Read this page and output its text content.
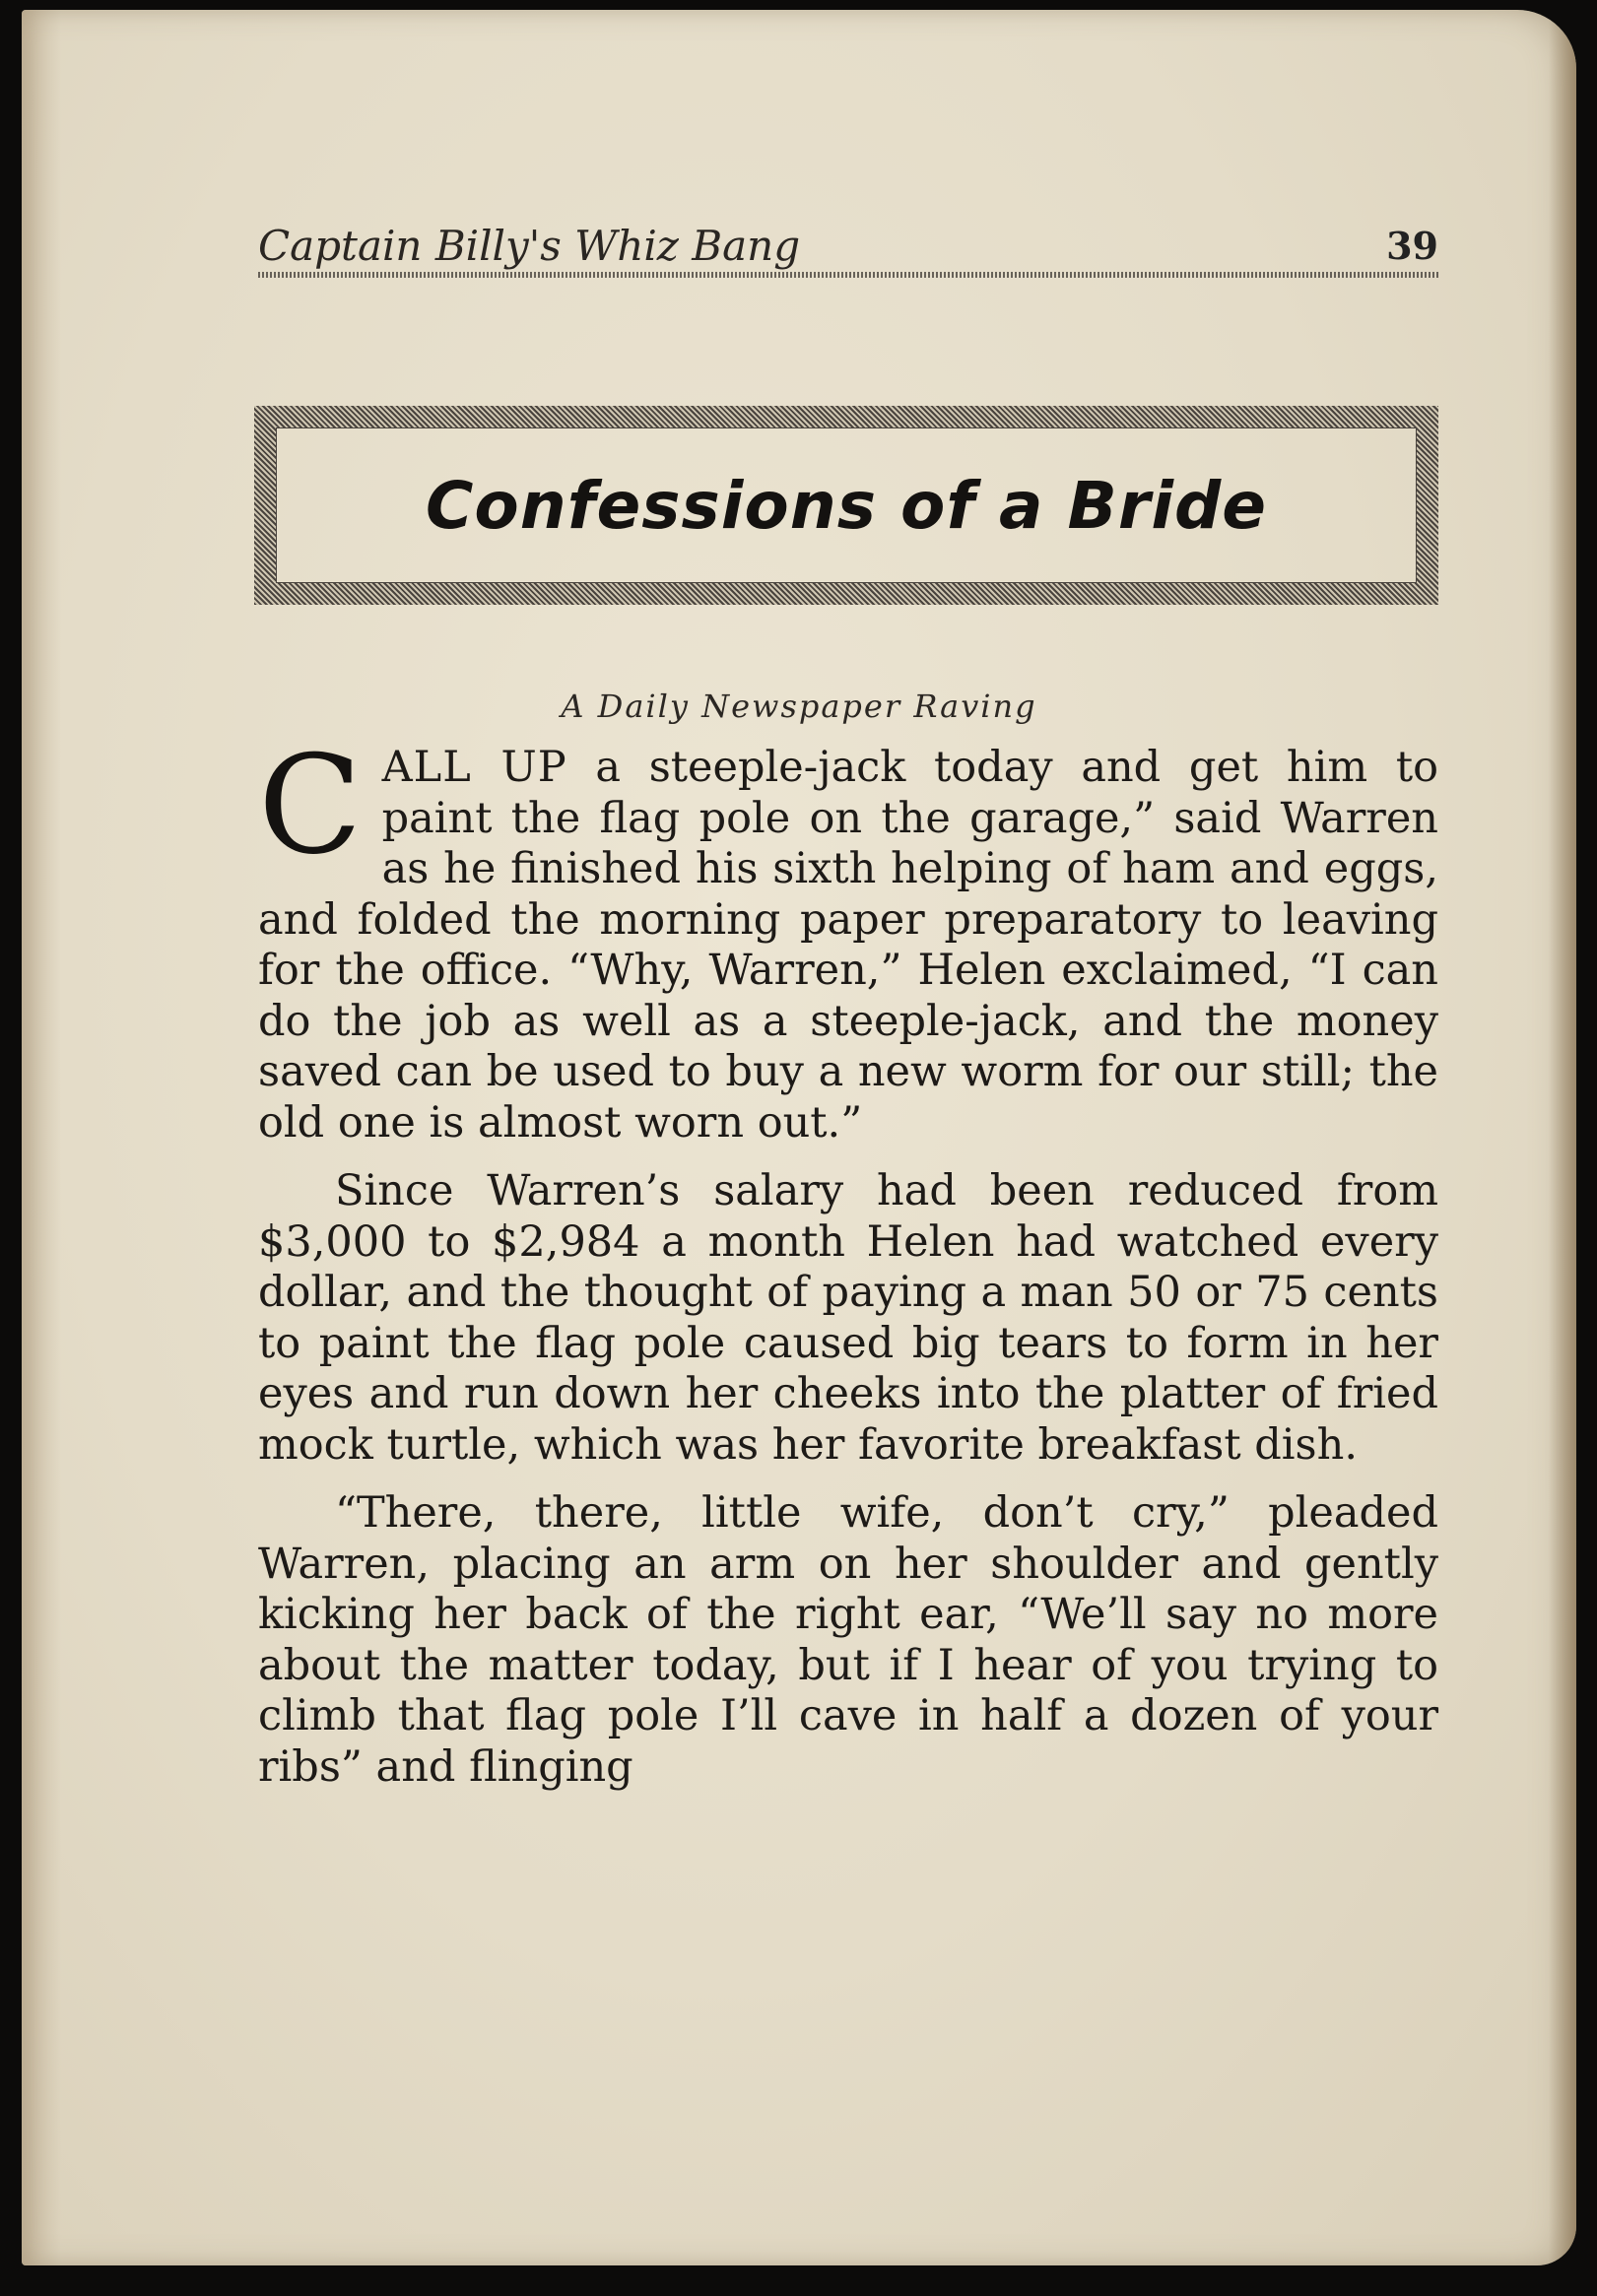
Captain Billy's Whiz Bang	39
Confessions of a Bride
A Daily Newspaper Raving

CALL UP a steeple-jack today and get him to paint the flag pole on the garage,” said Warren as he finished his sixth helping of ham and eggs, and folded the morning paper preparatory to leaving for the office. “Why, Warren,” Helen exclaimed, “I can do the job as well as a steeple-jack, and the money saved can be used to buy a new worm for our still; the old one is almost worn out.”

Since Warren’s salary had been reduced from $3,000 to $2,984 a month Helen had watched every dollar, and the thought of paying a man 50 or 75 cents to paint the flag pole caused big tears to form in her eyes and run down her cheeks into the platter of fried mock turtle, which was her favorite breakfast dish.

“There, there, little wife, don’t cry,” pleaded Warren, placing an arm on her shoulder and gently kicking her back of the right ear, “We’ll say no more about the matter today, but if I hear of you trying to climb that flag pole I’ll cave in half a dozen of your ribs” and flinging
